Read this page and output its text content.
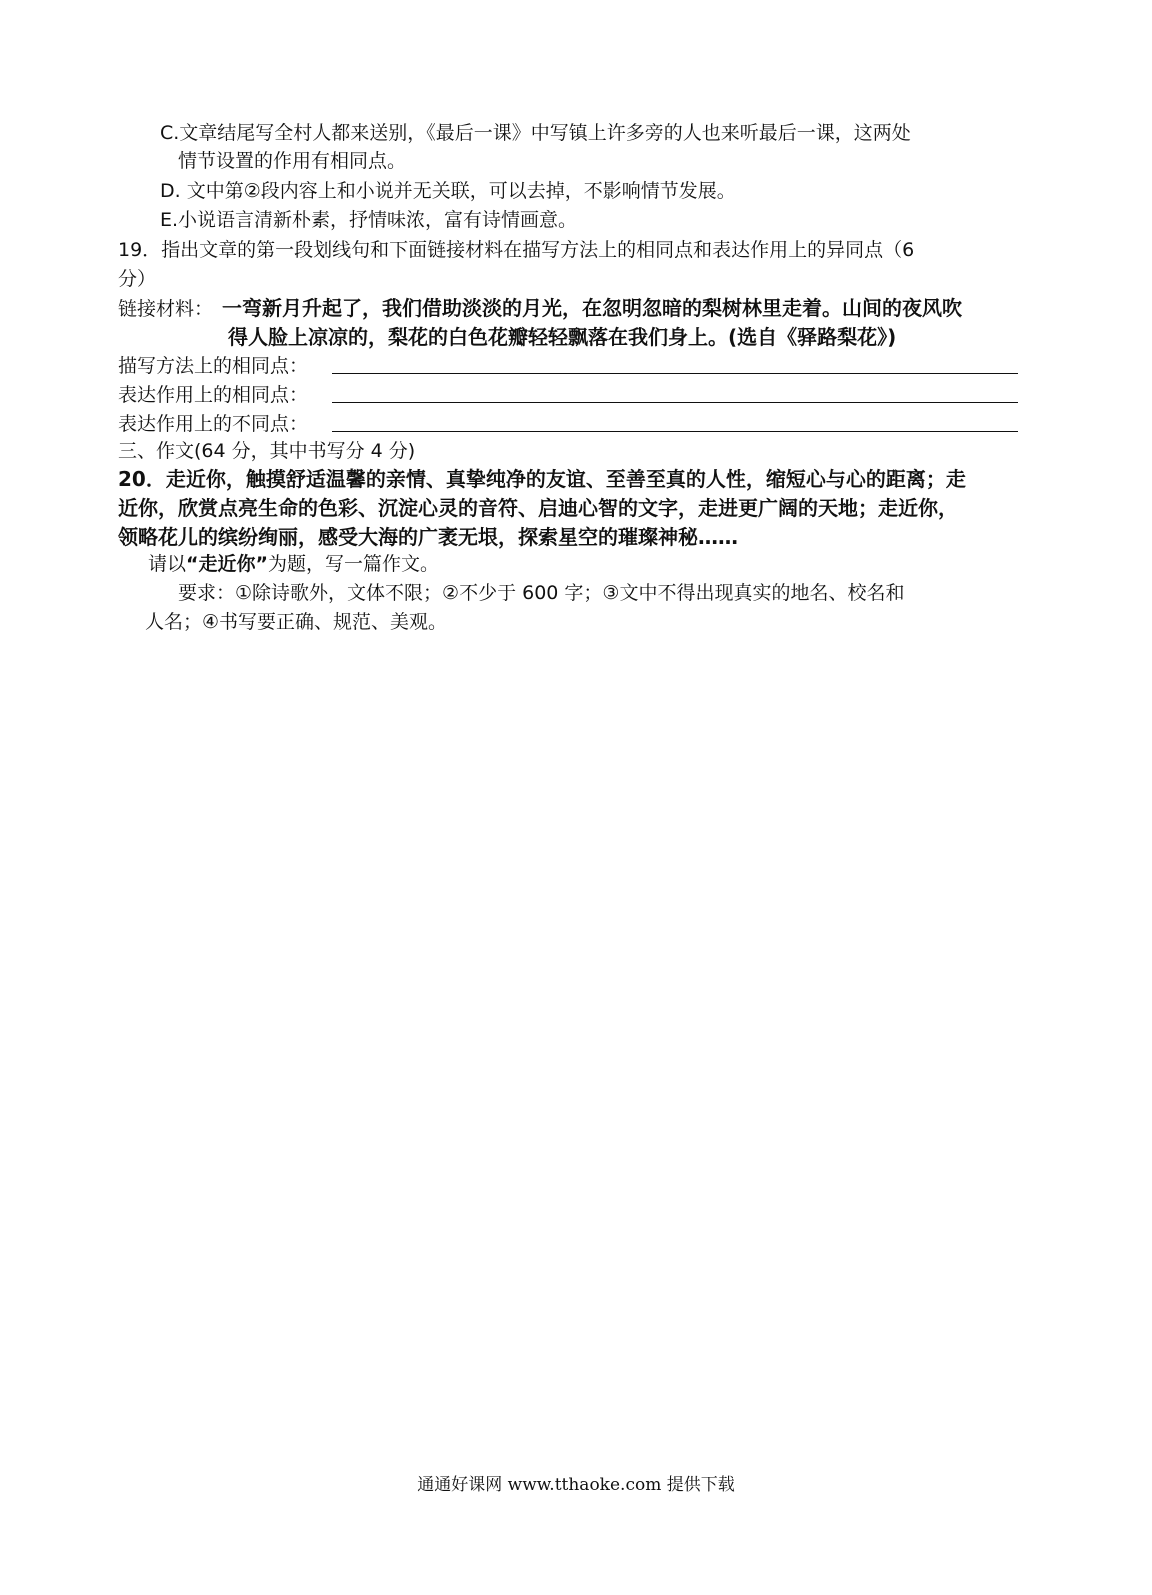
C.文章结尾写全村人都来送别，《最后一课》中写镇上许多旁的人也来听最后一课，这两处
情节设置的作用有相同点。
D. 文中第②段内容上和小说并无关联，可以去掉，不影响情节发展。
E.小说语言清新朴素，抒情味浓，富有诗情画意。
19．指出文章的第一段划线句和下面链接材料在描写方法上的相同点和表达作用上的异同点（6
分）
链接材料： 一弯新月升起了，我们借助淡淡的月光，在忽明忽暗的梨树林里走着。山间的夜风吹
得人脸上凉凉的，梨花的白色花瓣轻轻飘落在我们身上。(选自《驿路梨花》)
描写方法上的相同点：
表达作用上的相同点：
表达作用上的不同点：
三、作文(64 分，其中书写分 4 分)
20．走近你，触摸舒适温馨的亲情、真挚纯净的友谊、至善至真的人性，缩短心与心的距离；走
近你，欣赏点亮生命的色彩、沉淀心灵的音符、启迪心智的文字，走进更广阔的天地；走近你，
领略花儿的缤纷绚丽，感受大海的广袤无垠，探索星空的璀璨神秘……
请以“走近你”为题，写一篇作文。
要求：①除诗歌外，文体不限；②不少于 600 字；③文中不得出现真实的地名、校名和
人名；④书写要正确、规范、美观。
通通好课网 www.tthaoke.com 提供下载
